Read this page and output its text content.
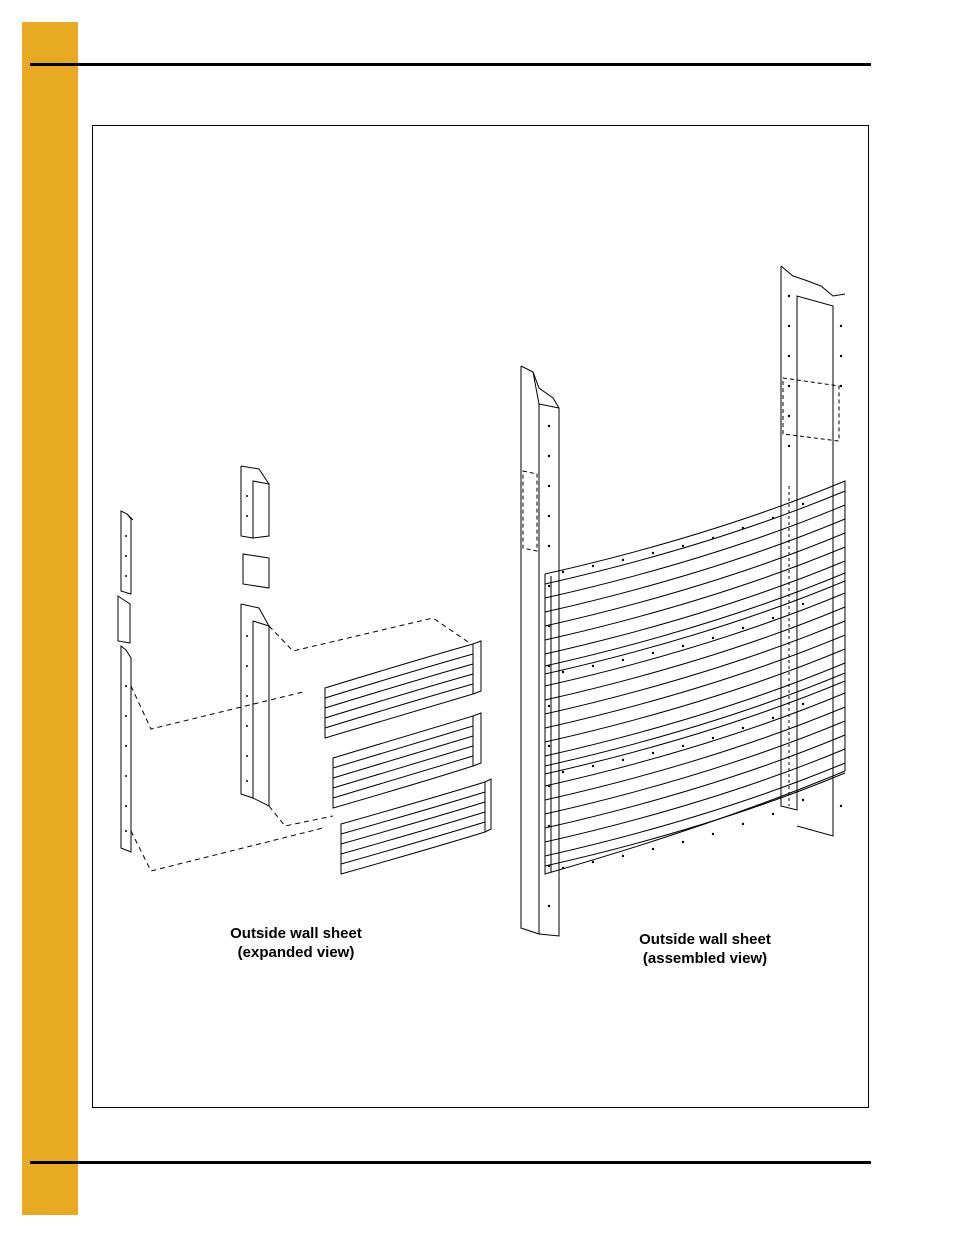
Outside wall sheet
(expanded view)
Outside wall sheet
(assembled view)
